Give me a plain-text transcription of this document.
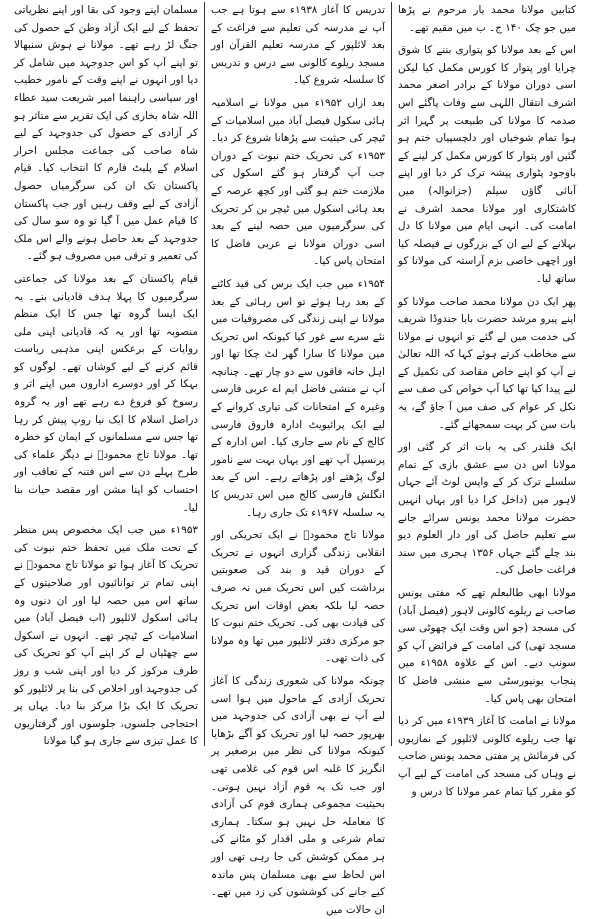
کتابیں مولانا محمد یار مرحوم نے پڑھا میں جو چک ۱۴۰ ج۔ ب میں مقیم تھے۔

اس کے بعد مولانا کو پتواری بننے کا شوق چرایا اور پتوار کا کورس مکمل کیا لیکن اسی دوران مولانا کے برادر اصغر محمد اشرف انتقال اللہی سے وفات پاگئے اس صدمہ کا مولانا کی طبیعت پر گہرا اثر ہوا تمام شوخیاں اور دلچسپیاں ختم ہو گئیں اور پتوار کا کورس مکمل کر لینے کے باوجود پٹواری پیشہ ترک کر دیا اور اپنے آبائی گاؤں سیلم (جزانوالہ) میں کاشتکاری اور مولانا محمد اشرف نے امامت کی۔ انہی ایام میں مولانا کا دل بہلانے کے لیے ان کے بزرگوں نے فیصلہ کیا اور اچھی خاصی بزم آراستہ کی مولانا کو ساتھ لیا۔

پھر ایک دن مولانا محمد صاحب مولانا کو اپنے پیرو مرشد حضرت بابا جندوڈا شریف کی خدمت میں لے گئے تو انہوں نے مولانا سے مخاطب کرتے ہوئے کہا کہ اللہ تعالیٰ نے آپ کو اپنے خاص مقاصد کی تکمیل کے لیے پیدا کیا تھا کیا آپ خواص کی صف سے نکل کر عوام کی صف میں آ جاؤ گے، یہ بات سن کر بہت سمجھائے گئے۔

ایک قلندر کی یہ بات اثر کر گئی اور مولانا اس دن سے عشق بازی کے تمام سلسلے ترک کر کے واپس لوٹ آئے جہاں لاہور میں (داخل کرا دیا اور یہاں انہیں حضرت مولانا محمد یونس سرائے جانے سے تعلیم حاصل کی اور دار العلوم دیو بند چلے گئے جہاں ۱۳۵۶ ہجری میں سند فراغت حاصل کی۔

مولانا ابھی طالبعلم تھے کہ مفتی یونس صاحب نے ریلوے کالونی لاہور (فیصل آباد) کی مسجد (جو اس وقت ایک چھوٹی سی مسجد تھی) کی امامت کے فرائض آپ کو سونپ دیے۔ اس کے علاوہ ۱۹۵۸ء میں پنجاب یونیورسٹی سے منشی فاضل کا امتحان بھی پاس کیا۔

مولانا نے امامت کا آغاز ۱۹۳۹ء میں کر دیا تھا جب ریلوے کالونی لائلپور کے نمازیوں کی فرمائش پر مفتی محمد یونس صاحب نے وہاں کی مسجد کی امامت کے لیے آپ کو مقرر کیا تمام عمر مولانا کا درس و

تدریس کا آغاز ۱۹۳۸ء سے ہوتا ہے جب آپ نے مدرسہ کی تعلیم سے فراغت کے بعد لائلپور کے مدرسہ تعلیم القرآن اور مسجد ریلوے کالونی سے درس و تدریس کا سلسلہ شروع کیا۔

بعد ازاں ۱۹۵۲ء میں مولانا نے اسلامیہ ہائی سکول فیصل آباد میں اسلامیات کے ٹیچر کی حیثیت سے پڑھانا شروع کر دیا۔ ۱۹۵۳ء کی تحریک ختم نبوت کے دوران جب آپ گرفتار ہو گئے اسکول کی ملازمت ختم ہو گئی اور کچھ عرصہ کے بعد ہائی اسکول میں ٹیچر بن کر تحریک کی سرگرمیوں میں حصہ لینے کے بعد اسی دوران مولانا نے عربی فاضل کا امتحان پاس کیا۔

۱۹۵۴ء میں جب ایک برس کی قید کاٹنے کے بعد رہا ہوئے تو اس رہائی کے بعد مولانا نے اپنی زندگی کی مصروفیات میں نئے سرے سے غور کیا کیونکہ اس تحریک میں مولانا کا سارا گھر لٹ چکا تھا اور اہل خانہ فاقوں سے دو چار تھے۔ چنانچہ آپ نے منشی فاضل ایم اے عربی فارسی وغیرہ کے امتحانات کی تیاری کروانے کے لیے ایک پرائیویٹ ادارہ فاروق فارسی کالج کے نام سے جاری کیا۔ اس ادارہ کے پرنسپل آپ تھے اور یہاں بہت سے نامور لوگ پڑھتے اور پڑھاتے رہے۔ اس کے بعد انگلش فارسی کالج میں اس تدریس کا یہ سلسلہ ۱۹۶۷ء تک جاری رہا۔

مولانا تاج محمودؒ نے ایک تحریکی اور انقلابی زندگی گزاری انہوں نے تحریک کے دوران قید و بند کی صعوبتیں برداشت کیں اس تحریک میں نہ صرف حصہ لیا بلکہ بعض اوقات اس تحریک کی قیادت بھی کی۔ تحریک ختم نبوت کا جو مرکزی دفتر لائلپور میں تھا وہ مولانا کی ذات تھی۔

چونکہ مولانا کی شعوری زندگی کا آغاز تحریک آزادی کے ماحول میں ہوا اسی لیے آپ نے بھی آزادی کی جدوجہد میں بھرپور حصہ لیا اور تحریک کو آگے بڑھایا کیونکہ مولانا کی نظر میں برصغیر پر انگریز کا غلبہ اس قوم کی غلامی تھی اور جب تک یہ قوم آزاد نہیں ہوتی۔ بحیثیت مجموعی ہماری قوم کی آزادی کا معاملہ حل نہیں ہو سکتا۔ ہماری تمام شرعی و ملی اقدار کو مٹانے کی ہر ممکن کوشش کی جا رہی تھی اور اس لحاظ سے بھی مسلمان پس ماندہ کیے جانے کی کوششوں کی زد میں تھے۔ ان حالات میں

مسلمان اپنے وجود کی بقا اور اپنے نظریاتی تحفظ کے لیے ایک آزاد وطن کے حصول کی جنگ لڑ رہے تھے۔ مولانا نے ہوش سنبھالا تو اپنے آپ کو اس جدوجہد میں شامل کر دیا اور انہوں نے اپنے وقت کے نامور خطیب اور سیاسی راہنما امیر شریعت سید عطاء اللہ شاہ بخاری کی ایک تقریر سے متاثر ہو کر آزادی کے حصول کی جدوجہد کے لیے شاہ صاحب کی جماعت مجلس احرار اسلام کے پلیٹ فارم کا انتخاب کیا۔ قیام پاکستان تک ان کی سرگرمیاں حصول آزادی کے لیے وقف رہیں اور جب پاکستان کا قیام عمل میں آ گیا تو وہ سو سال کی جدوجہد کے بعد حاصل ہونے والے اس ملک کی تعمیر و ترقی میں مصروف ہو گئے۔

قیام پاکستان کے بعد مولانا کی جماعتی سرگرمیوں کا پہلا ہدف قادیانی بنے۔ یہ ایک ایسا گروہ تھا جس کا ایک منظم منصوبہ تھا اور یہ کہ قادیانی اپنی ملی روایات کے برعکس اپنی مذہبی ریاست قائم کرنے کے لیے کوشاں تھے۔ لوگوں کو بہکا کر اور دوسرے اداروں میں اپنے اثر و رسوخ کو فروغ دے رہے تھے اور یہ گروہ دراصل اسلام کا ایک نیا روپ پیش کر رہا تھا جس سے مسلمانوں کے ایمان کو خطرہ تھا۔ مولانا تاج محمودؒ نے دیگر علماء کی طرح پہلے دن سے اس فتنہ کے تعاقب اور احتساب کو اپنا مشن اور مقصد حیات بنا لیا۔

۱۹۵۳ء میں جب ایک مخصوص پس منظر کے تحت ملک میں تحفظ ختم نبوت کی تحریک کا آغاز ہوا تو مولانا تاج محمودؒ نے اپنی تمام تر توانائیوں اور صلاحیتوں کے ساتھ اس میں حصہ لیا اور ان دنوں وہ ہائی اسکول لائلپور (اب فیصل آباد) میں اسلامیات کے ٹیچر تھے۔ انہوں نے اسکول سے چھٹیاں لے کر اپنے آپ کو تحریک کی طرف مرکوز کر دیا اور اپنی شب و روز کی جدوجہد اور اخلاص کی بنا پر لائلپور کو تحریک کا ایک بڑا مرکز بنا دیا۔ یہاں پر احتجاجی جلسوں، جلوسوں اور گرفتاریوں کا عمل تیزی سے جاری ہو گیا مولانا
